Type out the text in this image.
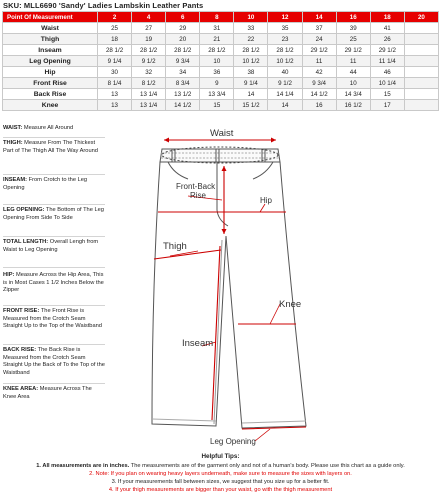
SKU: MLL6690 'Sandy' Ladies Lambskin Leather Pants
Point Of Measurement	2	4	6	8	10	12	14	16	18	20
Waist	25	27	29	31	33	35	37	39	41	
Thigh	18	19	20	21	22	23	24	25	26	
Inseam	28 1/2	28 1/2	28 1/2	28 1/2	28 1/2	28 1/2	29 1/2	29 1/2	29 1/2	
Leg Opening	9 1/4	9 1/2	9 3/4	10	10 1/2	10 1/2	11	11	11 1/4	
Hip	30	32	34	36	38	40	42	44	46	
Front Rise	8 1/4	8 1/2	8 3/4	9	9 1/4	9 1/2	9 3/4	10	10 1/4	
Back Rise	13	13 1/4	13 1/2	13 3/4	14	14 1/4	14 1/2	14 3/4	15	
Knee	13	13 1/4	14 1/2	15	15 1/2	14	16	16 1/2	17	
WAIST: Measure All Around
THIGH: Measure From The Thickest Part of The Thigh All The Way Around
INSEAM: From Crotch to the Leg Opening
LEG OPENING: The Bottom of The Leg Opening From Side To Side
TOTAL LENGTH: Overall Lengh from Waist to Leg Opening
HIP: Measure Across the Hip Area, This is in Most Cases 1 1/2 Inches Below the Zipper
FRONT RISE: The Front Rise is Measured from the Crotch Seam Straight Up to the Top of the Waistband
BACK RISE: The Back Rise is Measured from the Crotch Seam Straight Up the Back of To the Top of the Waistband
KNEE AREA: Measure Across The Knee Area
Waist
Front-Back
Rise
Hip
Thigh
Knee
Inseam
Leg Opening
Helpful Tips:
1. All measurements are in inches. The measurements are of the garment only and not of a human's body. Please use this chart as a guide only.
2. Note: If you plan on wearing heavy layers underneath, make sure to measure the sizes with layers on.
3. If your measurements fall between sizes, we suggest that you size up for a better fit.
4. If your thigh measurements are bigger than your waist, go with the thigh measurement
